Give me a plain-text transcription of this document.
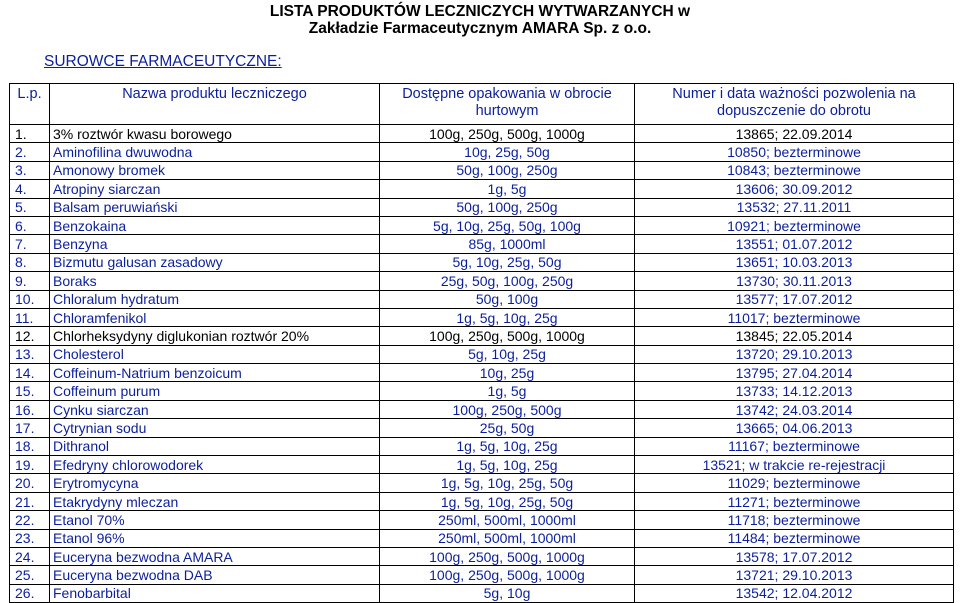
LISTA PRODUKTÓW LECZNICZYCH WYTWARZANYCH w
Zakładzie Farmaceutycznym AMARA Sp. z o.o.
SUROWCE FARMACEUTYCZNE:
L.p.	Nazwa produktu leczniczego	Dostępne opakowania w obrocie hurtowym	Numer i data ważności pozwolenia na dopuszczenie do obrotu
1.	3% roztwór kwasu borowego	100g, 250g, 500g, 1000g	13865; 22.09.2014
2.	Aminofilina dwuwodna	10g, 25g, 50g	10850; bezterminowe
3.	Amonowy bromek	50g, 100g, 250g	10843; bezterminowe
4.	Atropiny siarczan	1g, 5g	13606; 30.09.2012
5.	Balsam peruwiański	50g, 100g, 250g	13532; 27.11.2011
6.	Benzokaina	5g, 10g, 25g, 50g, 100g	10921; bezterminowe
7.	Benzyna	85g, 1000ml	13551; 01.07.2012
8.	Bizmutu galusan zasadowy	5g, 10g, 25g, 50g	13651; 10.03.2013
9.	Boraks	25g, 50g, 100g, 250g	13730; 30.11.2013
10.	Chloralum hydratum	50g, 100g	13577; 17.07.2012
11.	Chloramfenikol	1g, 5g, 10g, 25g	11017; bezterminowe
12.	Chlorheksydyny diglukonian roztwór 20%	100g, 250g, 500g, 1000g	13845; 22.05.2014
13.	Cholesterol	5g, 10g, 25g	13720; 29.10.2013
14.	Coffeinum-Natrium benzoicum	10g, 25g	13795; 27.04.2014
15.	Coffeinum purum	1g, 5g	13733; 14.12.2013
16.	Cynku siarczan	100g, 250g, 500g	13742; 24.03.2014
17.	Cytrynian sodu	25g, 50g	13665; 04.06.2013
18.	Dithranol	1g, 5g, 10g, 25g	11167; bezterminowe
19.	Efedryny chlorowodorek	1g, 5g, 10g, 25g	13521; w trakcie re-rejestracji
20.	Erytromycyna	1g, 5g, 10g, 25g, 50g	11029; bezterminowe
21.	Etakrydyny mleczan	1g, 5g, 10g, 25g, 50g	11271; bezterminowe
22.	Etanol 70%	250ml, 500ml, 1000ml	11718; bezterminowe
23.	Etanol 96%	250ml, 500ml, 1000ml	11484; bezterminowe
24.	Euceryna bezwodna AMARA	100g, 250g, 500g, 1000g	13578; 17.07.2012
25.	Euceryna bezwodna DAB	100g, 250g, 500g, 1000g	13721; 29.10.2013
26.	Fenobarbital	5g, 10g	13542; 12.04.2012
